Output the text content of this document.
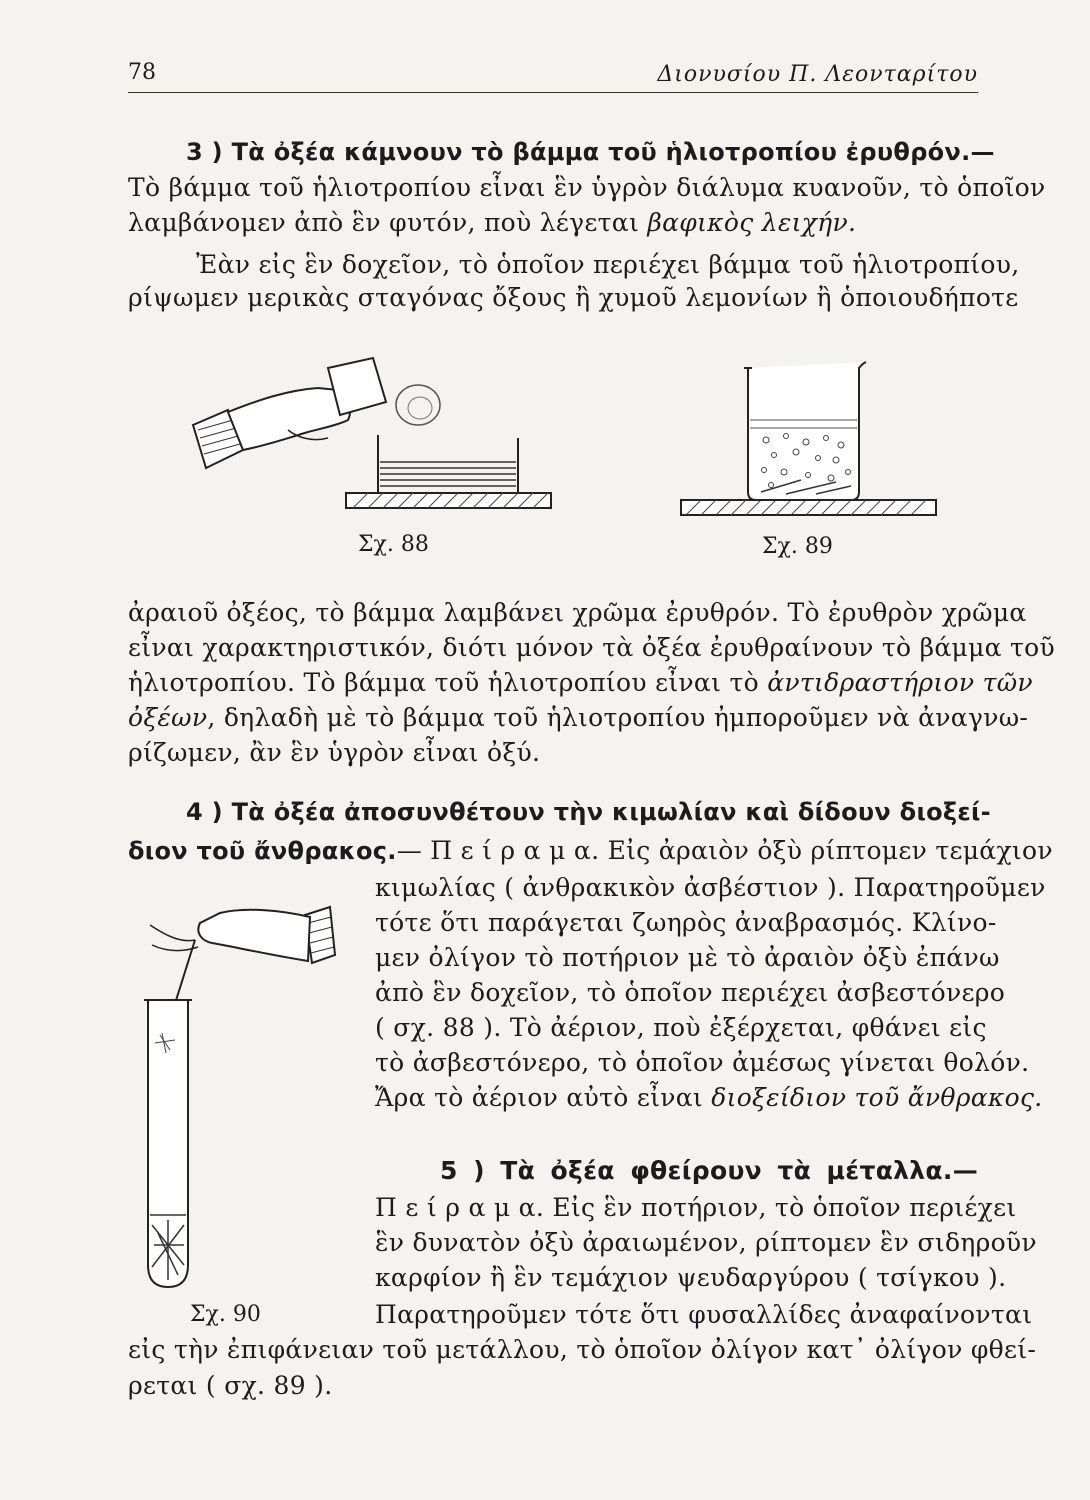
78	Διονυσίου Π. Λεονταρίτου
3 ) Τὰ ὀξέα κάμνουν τὸ βάμμα τοῦ ἡλιοτροπίου ἐρυθρόν.—
Τὸ βάμμα τοῦ ἡλιοτροπίου εἶναι ἓν ὑγρὸν διάλυμα κυανοῦν, τὸ ὁποῖον
λαμβάνομεν ἀπὸ ἓν φυτόν, ποὺ λέγεται βαφικὸς λειχήν.
Ἐὰν εἰς ἓν δοχεῖον, τὸ ὁποῖον περιέχει βάμμα τοῦ ἡλιοτροπίου,
ρίψωμεν μερικὰς σταγόνας ὄξους ἢ χυμοῦ λεμονίων ἢ ὁποιουδήποτε
Σχ. 88	Σχ. 89
ἀραιοῦ ὀξέος, τὸ βάμμα λαμβάνει χρῶμα ἐρυθρόν. Τὸ ἐρυθρὸν χρῶμα
εἶναι χαρακτηριστικόν, διότι μόνον τὰ ὀξέα ἐρυθραίνουν τὸ βάμμα τοῦ
ἡλιοτροπίου. Τὸ βάμμα τοῦ ἡλιοτροπίου εἶναι τὸ ἀντιδραστήριον τῶν
ὀξέων, δηλαδὴ μὲ τὸ βάμμα τοῦ ἡλιοτροπίου ἠμποροῦμεν νὰ ἀναγνω-
ρίζωμεν, ἂν ἓν ὑγρὸν εἶναι ὀξύ.
4 ) Τὰ ὀξέα ἀποσυνθέτουν τὴν κιμωλίαν καὶ δίδουν διοξεί-
διον τοῦ ἄνθρακος.— Π ε ί ρ α μ α. Εἰς ἀραιὸν ὀξὺ ρίπτομεν τεμάχιον
κιμωλίας ( ἀνθρακικὸν ἀσβέστιον ). Παρατηροῦμεν
τότε ὅτι παράγεται ζωηρὸς ἀναβρασμός. Κλίνο-
μεν ὀλίγον τὸ ποτήριον μὲ τὸ ἀραιὸν ὀξὺ ἐπάνω
ἀπὸ ἓν δοχεῖον, τὸ ὁποῖον περιέχει ἀσβεστόνερο
( σχ. 88 ). Τὸ ἀέριον, ποὺ ἐξέρχεται, φθάνει εἰς
τὸ ἀσβεστόνερο, τὸ ὁποῖον ἀμέσως γίνεται θολόν.
Ἄρα τὸ ἀέριον αὐτὸ εἶναι διοξείδιον τοῦ ἄνθρακος.
Σχ. 90
5 ) Τὰ ὀξέα φθείρουν τὰ μέταλλα.—
Π ε ί ρ α μ α. Εἰς ἓν ποτήριον, τὸ ὁποῖον περιέχει
ἓν δυνατὸν ὀξὺ ἀραιωμένον, ρίπτομεν ἓν σιδηροῦν
καρφίον ἢ ἓν τεμάχιον ψευδαργύρου ( τσίγκου ).
Παρατηροῦμεν τότε ὅτι φυσαλλίδες ἀναφαίνονται
εἰς τὴν ἐπιφάνειαν τοῦ μετάλλου, τὸ ὁποῖον ὀλίγον κατ᾽ ὀλίγον φθεί-
ρεται ( σχ. 89 ).
